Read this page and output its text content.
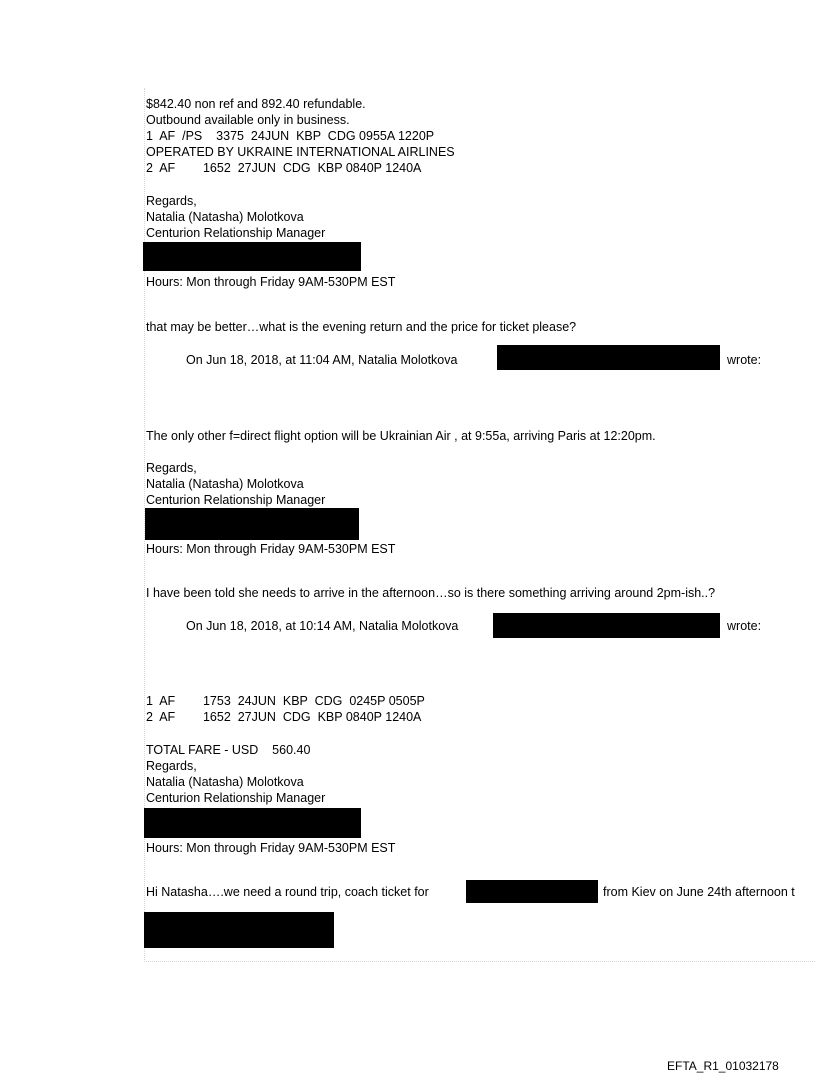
$842.40 non ref and 892.40 refundable.
Outbound available only in business.
1  AF  /PS    3375  24JUN  KBP  CDG 0955A 1220P
OPERATED BY UKRAINE INTERNATIONAL AIRLINES
2  AF        1652  27JUN  CDG  KBP 0840P 1240A
Regards,
Natalia (Natasha) Molotkova
Centurion Relationship Manager
Hours: Mon through Friday 9AM-530PM EST
that may be better…what is the evening return and the price for ticket please?
On Jun 18, 2018, at 11:04 AM, Natalia Molotkova	wrote:
The only other f=direct flight option will be Ukrainian Air , at 9:55a, arriving Paris at 12:20pm.
Regards,
Natalia (Natasha) Molotkova
Centurion Relationship Manager
Hours: Mon through Friday 9AM-530PM EST
I have been told she needs to arrive in the afternoon…so is there something arriving around 2pm-ish..?
On Jun 18, 2018, at 10:14 AM, Natalia Molotkova	wrote:
1  AF        1753  24JUN  KBP  CDG  0245P 0505P
2  AF        1652  27JUN  CDG  KBP 0840P 1240A
TOTAL FARE - USD    560.40
Regards,
Natalia (Natasha) Molotkova
Centurion Relationship Manager
Hours: Mon through Friday 9AM-530PM EST
Hi Natasha….we need a round trip, coach ticket for	from Kiev on June 24th afternoon t
EFTA_R1_01032178
